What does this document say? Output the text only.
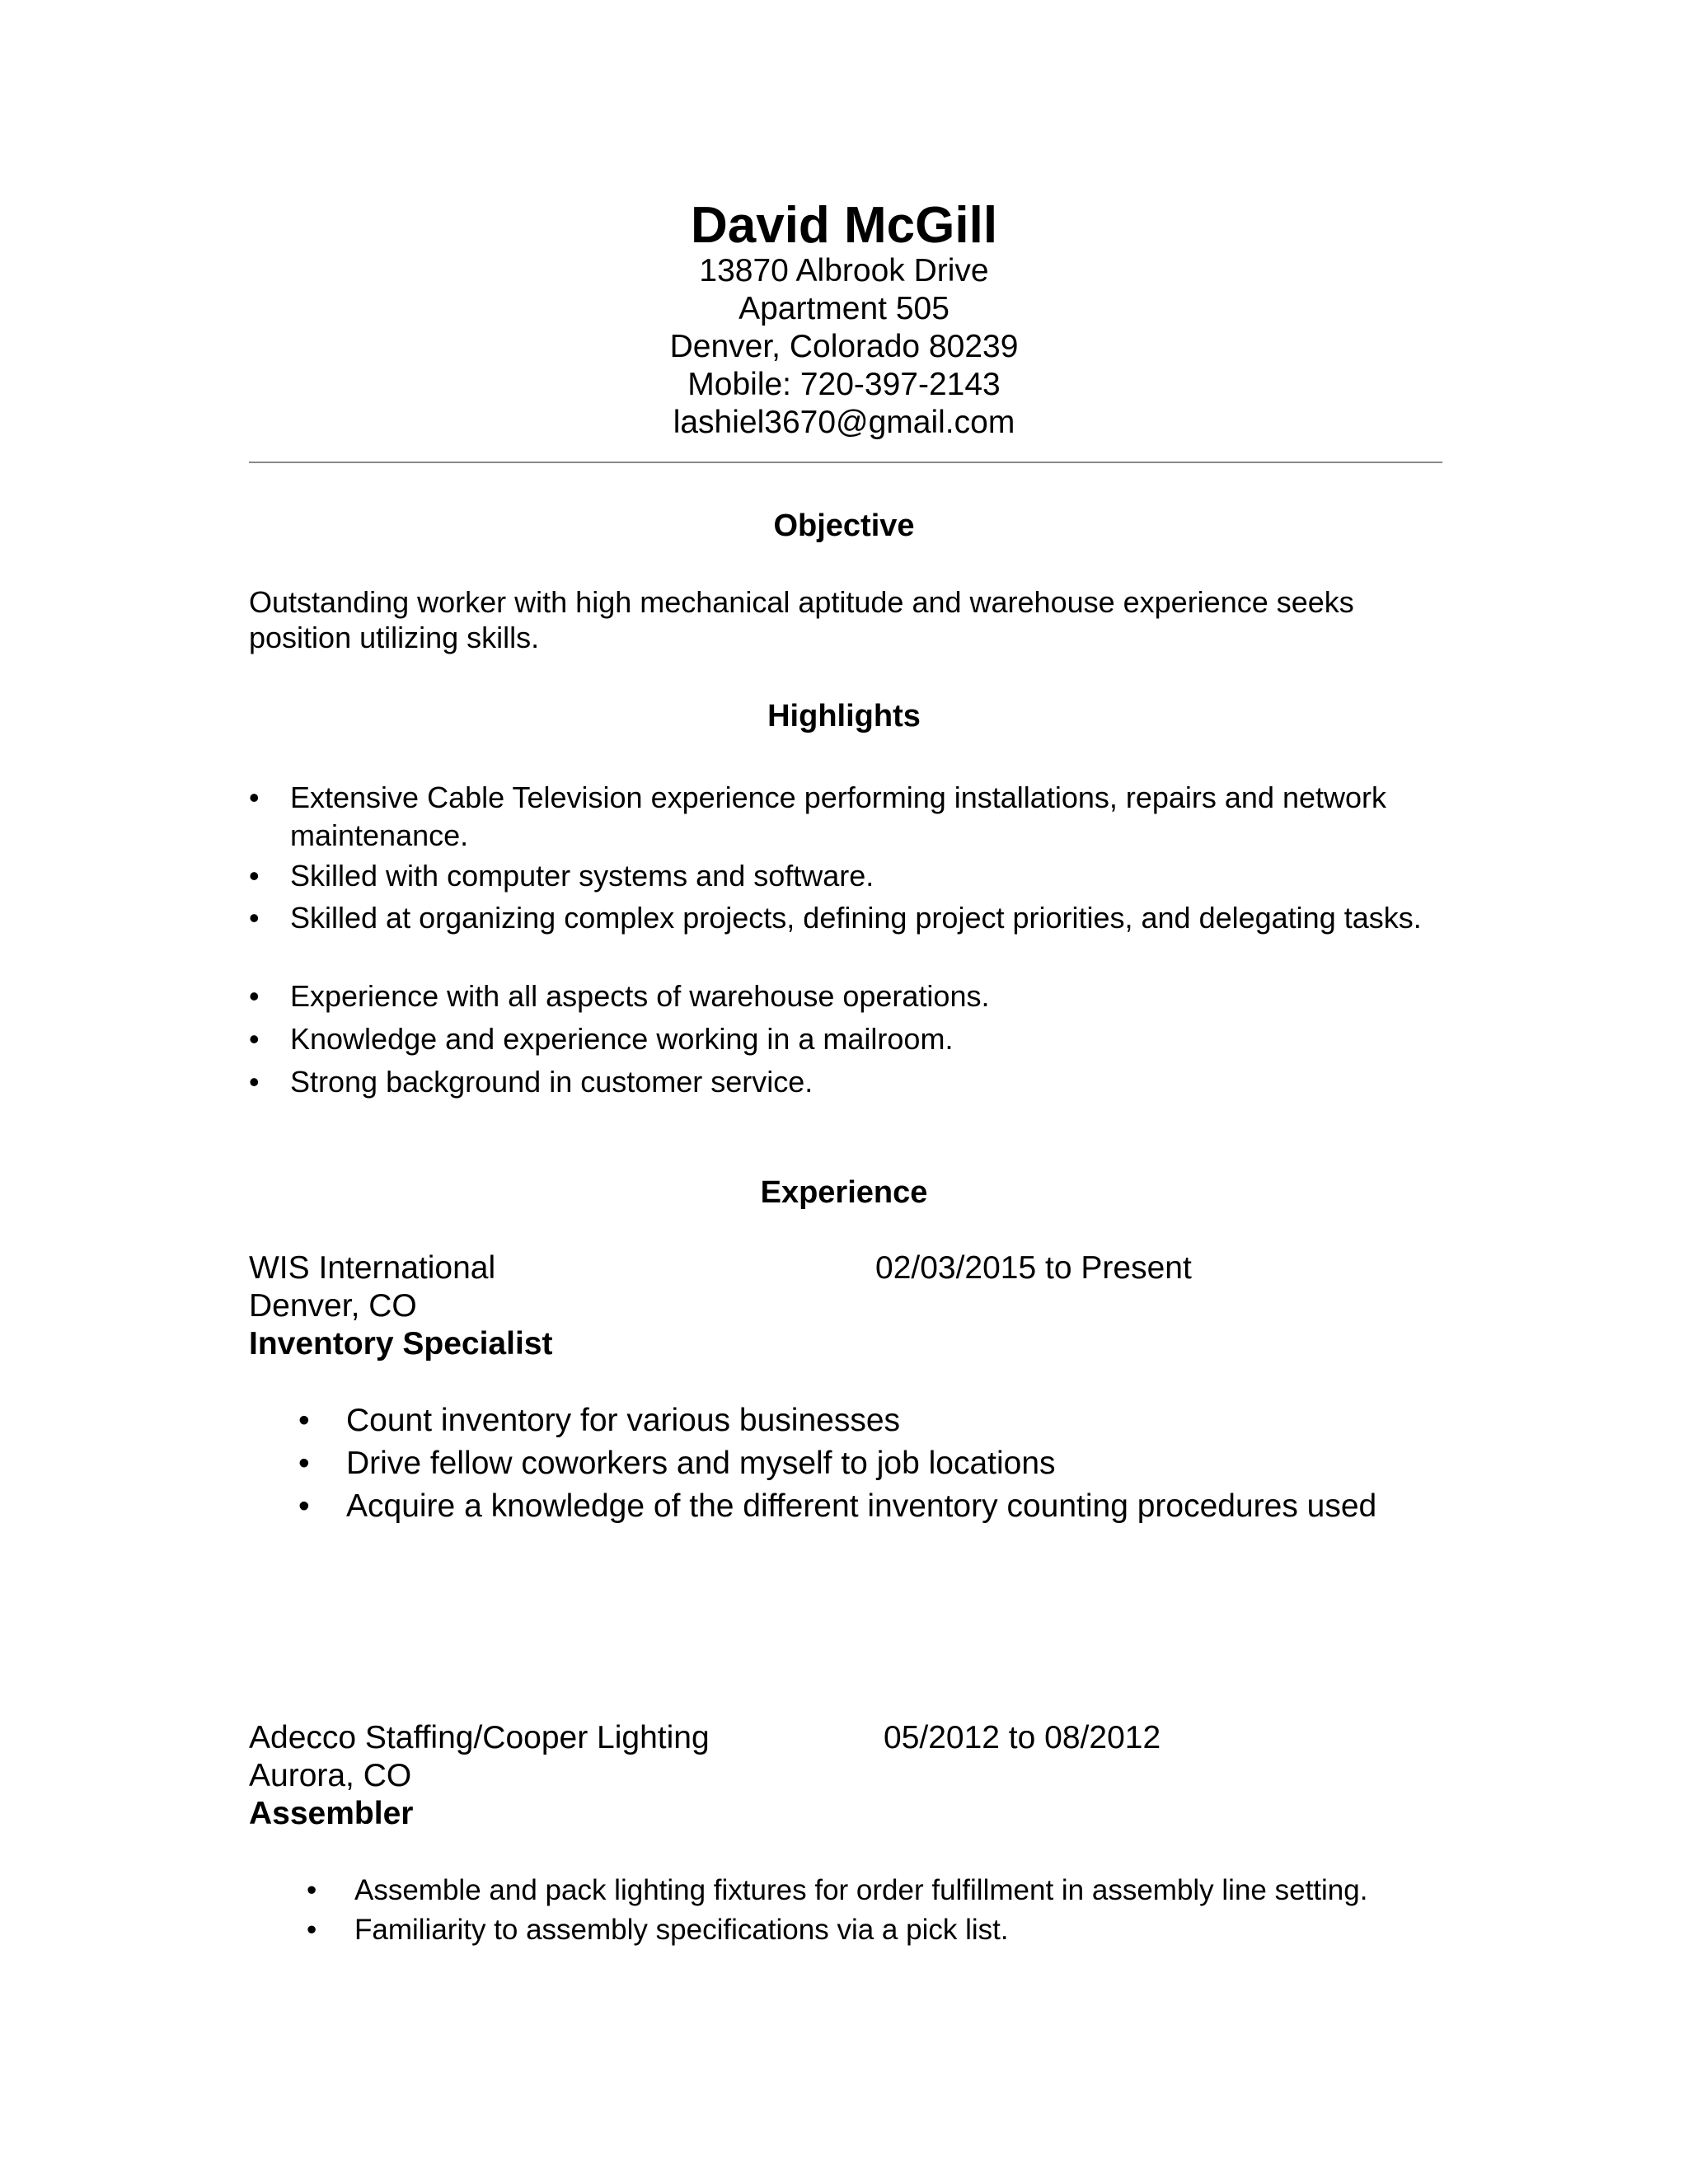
David McGill
13870 Albrook Drive
Apartment 505
Denver, Colorado 80239
Mobile: 720-397-2143
lashiel3670@gmail.com
Objective
Outstanding worker with high mechanical aptitude and warehouse experience seeks
position utilizing skills.
Highlights
•	Extensive Cable Television experience performing installations, repairs and network maintenance.
•	Skilled with computer systems and software.
•	Skilled at organizing complex projects, defining project priorities, and delegating tasks.
•	Experience with all aspects of warehouse operations.
•	Knowledge and experience working in a mailroom.
•	Strong background in customer service.
Experience
WIS International	02/03/2015 to Present
Denver, CO
Inventory Specialist
• Count inventory for various businesses
• Drive fellow coworkers and myself to job locations
• Acquire a knowledge of the different inventory counting procedures used
Adecco Staffing/Cooper Lighting	05/2012 to 08/2012
Aurora, CO
Assembler
• Assemble and pack lighting fixtures for order fulfillment in assembly line setting.
• Familiarity to assembly specifications via a pick list.
